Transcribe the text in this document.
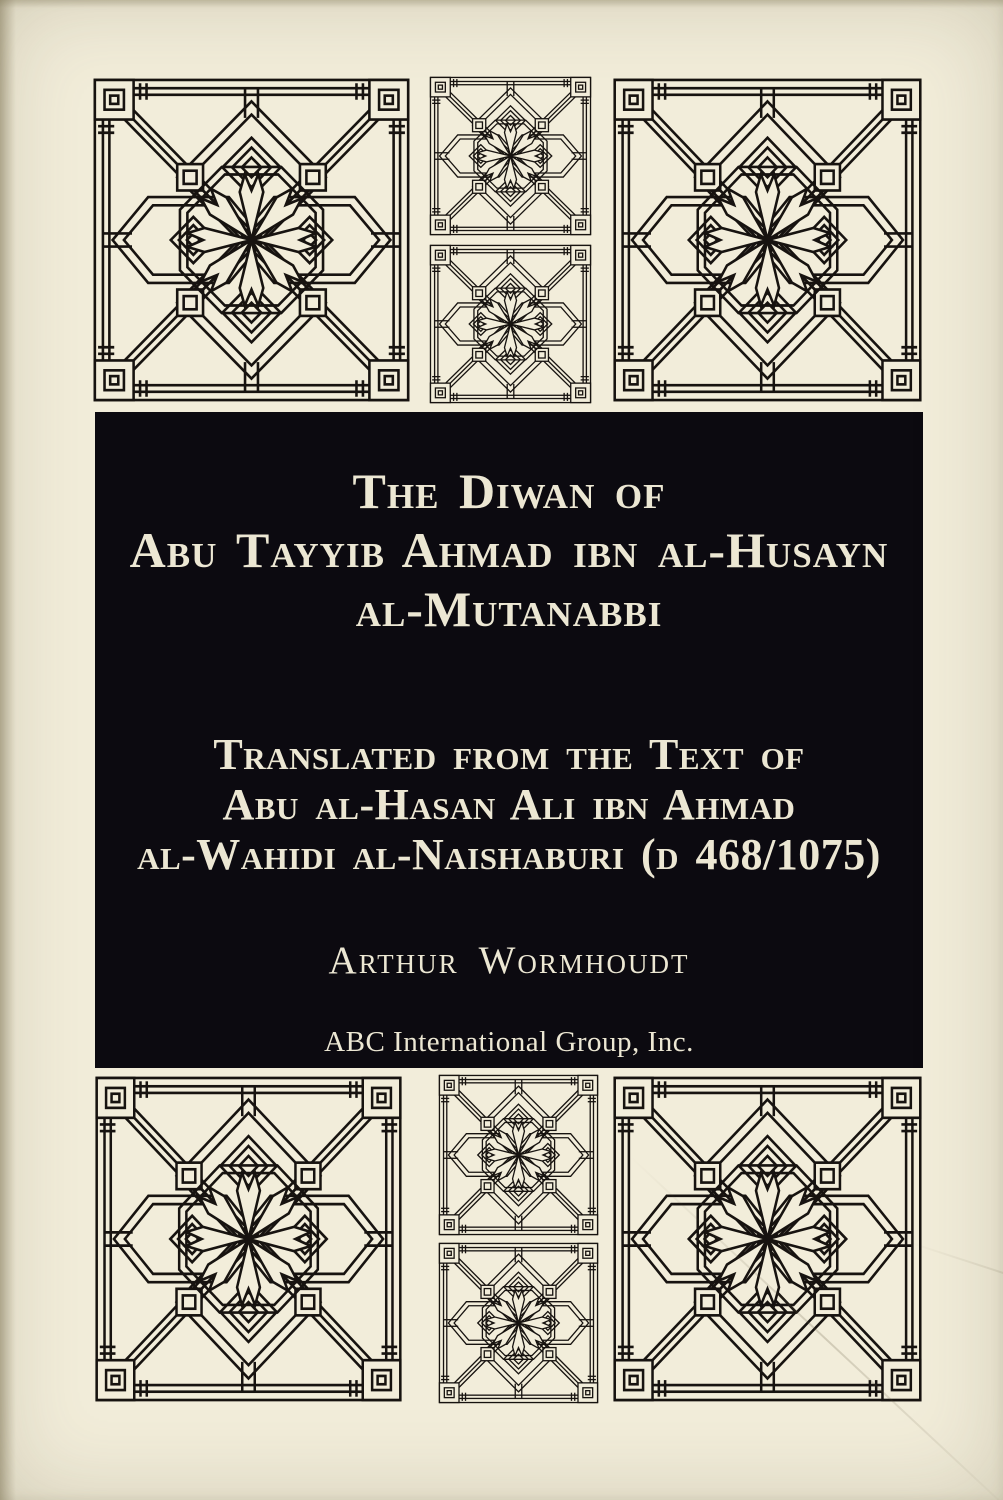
The Diwan of
Abu Tayyib Ahmad ibn al-Husayn
al-Mutanabbi
Translated from the Text of
Abu al-Hasan Ali ibn Ahmad
al-Wahidi al-Naishaburi (d 468/1075)
Arthur Wormhoudt
ABC International Group, Inc.
